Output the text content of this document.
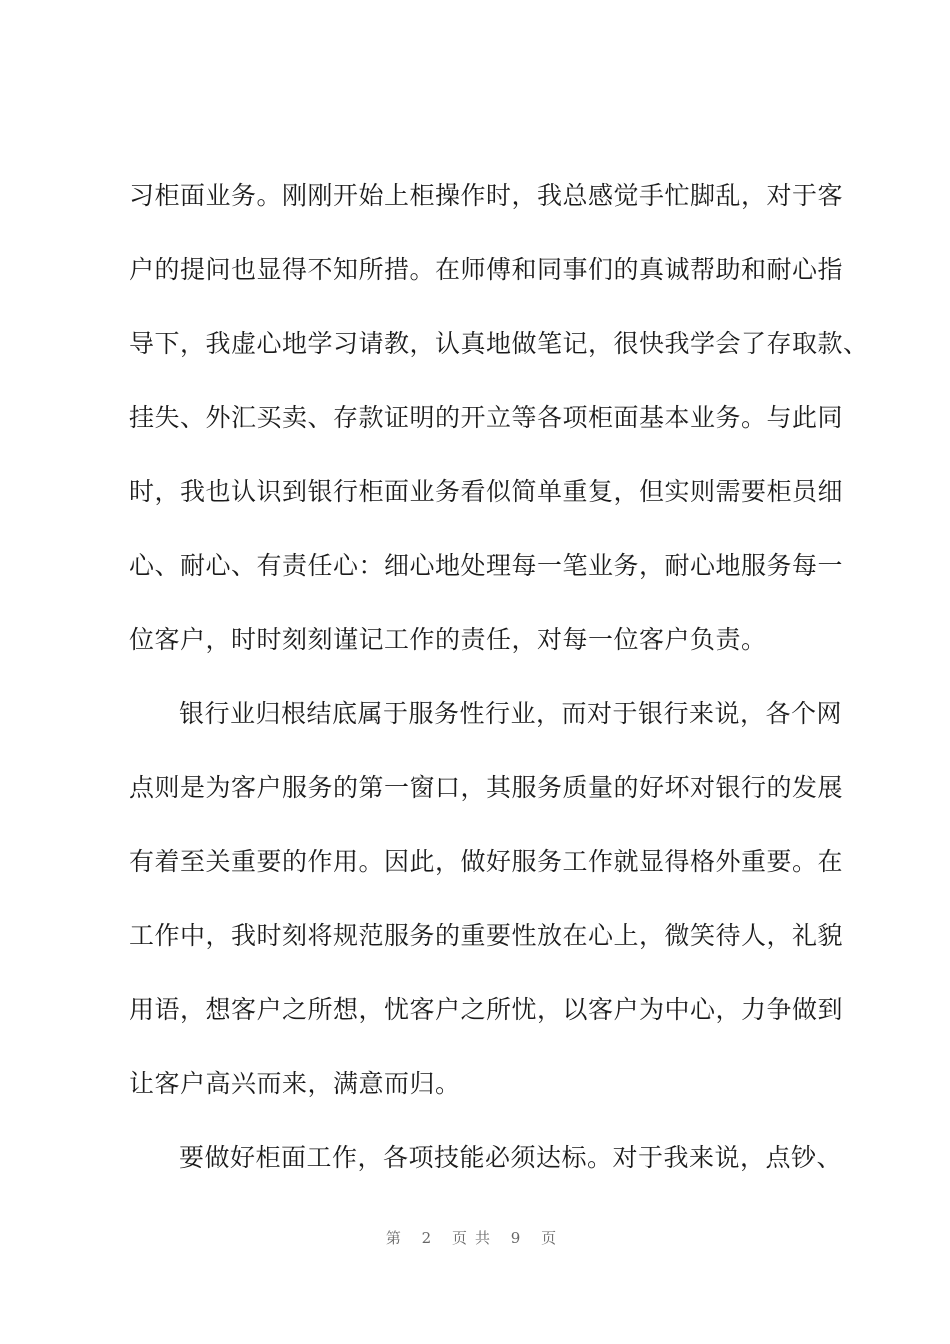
习柜面业务。刚刚开始上柜操作时，我总感觉手忙脚乱，对于客
户的提问也显得不知所措。在师傅和同事们的真诚帮助和耐心指
导下，我虚心地学习请教，认真地做笔记，很快我学会了存取款、
挂失、外汇买卖、存款证明的开立等各项柜面基本业务。与此同
时，我也认识到银行柜面业务看似简单重复，但实则需要柜员细
心、耐心、有责任心：细心地处理每一笔业务，耐心地服务每一
位客户，时时刻刻谨记工作的责任，对每一位客户负责。
银行业归根结底属于服务性行业，而对于银行来说，各个网
点则是为客户服务的第一窗口，其服务质量的好坏对银行的发展
有着至关重要的作用。因此，做好服务工作就显得格外重要。在
工作中，我时刻将规范服务的重要性放在心上，微笑待人，礼貌
用语，想客户之所想，忧客户之所忧，以客户为中心，力争做到
让客户高兴而来，满意而归。
要做好柜面工作，各项技能必须达标。对于我来说，点钞、
第 2 页共 9 页
